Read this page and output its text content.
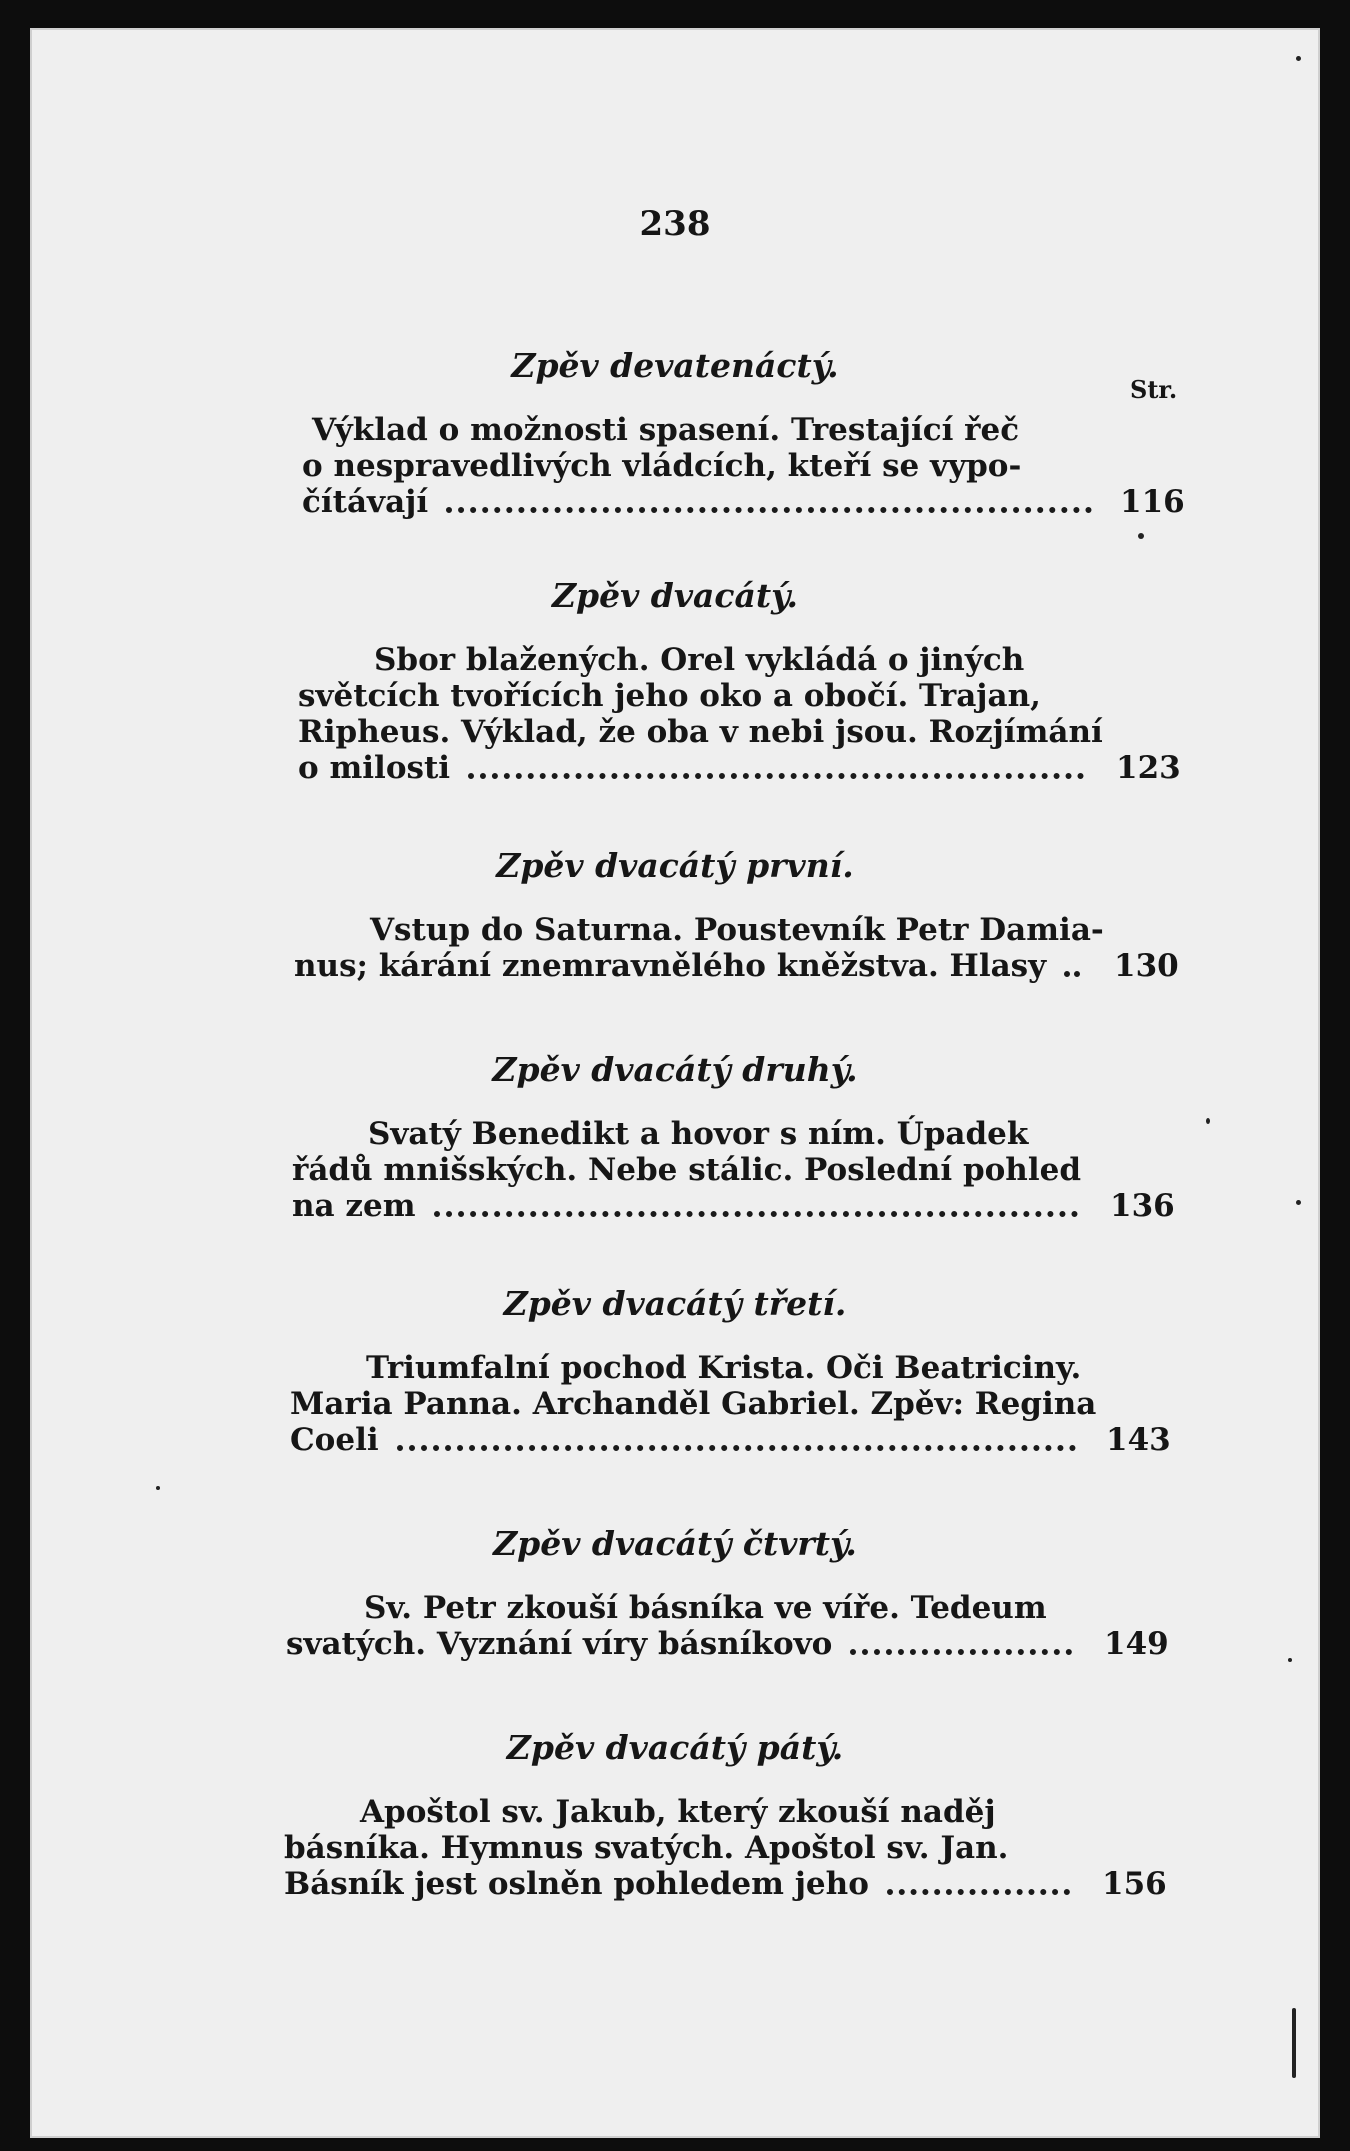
238
Str.
Zpěv devatenáctý.
Výklad o možnosti spasení. Trestající řeč
o nespravedlivých vládcích, kteří se vypo-
čítávají	116
Zpěv dvacátý.
Sbor blažených. Orel vykládá o jiných
světcích tvořících jeho oko a obočí. Trajan,
Ripheus. Výklad, že oba v nebi jsou. Rozjímání
o milosti	123
Zpěv dvacátý první.
Vstup do Saturna. Poustevník Petr Damia-
nus; kárání znemravnělého kněžstva. Hlasy 130
Zpěv dvacátý druhý.
Svatý Benedikt a hovor s ním. Úpadek
řádů mnišských. Nebe stálic. Poslední pohled
na zem	136
Zpěv dvacátý třetí.
Triumfalní pochod Krista. Oči Beatriciny.
Maria Panna. Archanděl Gabriel. Zpěv: Regina
Coeli	143
Zpěv dvacátý čtvrtý.
Sv. Petr zkouší básníka ve víře. Tedeum
svatých. Vyznání víry básníkovo	149
Zpěv dvacátý pátý.
Apoštol sv. Jakub, který zkouší naděj
básníka. Hymnus svatých. Apoštol sv. Jan.
Básník jest oslněn pohledem jeho	156
